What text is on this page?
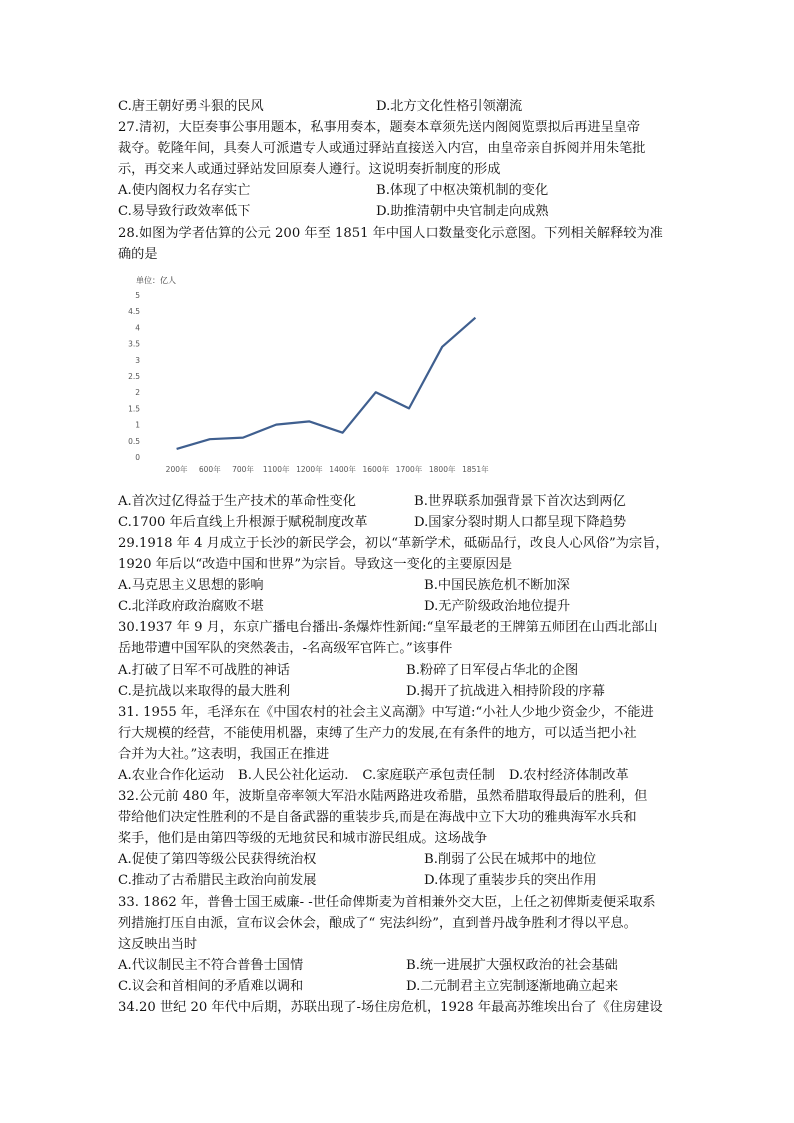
C.唐王朝好勇斗狠的民风	D.北方文化性格引领潮流
27.清初，大臣奏事公事用题本，私事用奏本，题奏本章须先送内阁阅览票拟后再进呈皇帝
裁夺。乾隆年间，具奏人可派遣专人或通过驿站直接送入内宫，由皇帝亲自拆阅并用朱笔批
示，再交来人或通过驿站发回原奏人遵行。这说明奏折制度的形成
A.使内阁权力名存实亡	B.体现了中枢决策机制的变化
C.易导致行政效率低下	D.助推清朝中央官制走向成熟
28.如图为学者估算的公元 200 年至 1851 年中国人口数量变化示意图。下列相关解释较为准
确的是
单位：亿人
0
0.5
1
1.5
2
2.5
3
3.5
4
4.5
5
200年 600年 700年 1100年 1200年 1400年 1600年 1700年 1800年 1851年
A.首次过亿得益于生产技术的革命性变化	B.世界联系加强背景下首次达到两亿
C.1700 年后直线上升根源于赋税制度改革	D.国家分裂时期人口都呈现下降趋势
29.1918 年 4 月成立于长沙的新民学会，初以“革新学术，砥砺品行，改良人心风俗”为宗旨，
1920 年后以“改造中国和世界”为宗旨。导致这一变化的主要原因是
A.马克思主义思想的影响	B.中国民族危机不断加深
C.北洋政府政治腐败不堪	D.无产阶级政治地位提升
30.1937 年 9 月，东京广播电台播出-条爆炸性新闻:“皇军最老的王牌第五师团在山西北部山
岳地带遭中国军队的突然袭击，-名高级军官阵亡。”该事件
A.打破了日军不可战胜的神话	B.粉碎了日军侵占华北的企图
C.是抗战以来取得的最大胜利	D.揭开了抗战进入相持阶段的序幕
31. 1955 年，毛泽东在《中国农村的社会主义高潮》中写道:“小社人少地少资金少，不能进
行大规模的经营，不能使用机器，束缚了生产力的发展,在有条件的地方，可以适当把小社
合并为大社。”这表明，我国正在推进
A.农业合作化运动 B.人民公社化运动. C.家庭联产承包责任制 D.农村经济体制改革
32.公元前 480 年，波斯皇帝率领大军沿水陆两路进攻希腊，虽然希腊取得最后的胜利，但
带给他们决定性胜利的不是自备武器的重装步兵,而是在海战中立下大功的雅典海军水兵和
桨手，他们是由第四等级的无地贫民和城市游民组成。这场战争
A.促使了第四等级公民获得统治权	B.削弱了公民在城邦中的地位
C.推动了古希腊民主政治向前发展	D.体现了重装步兵的突出作用
33. 1862 年，普鲁士国王威廉- -世任命俾斯麦为首相兼外交大臣，上任之初俾斯麦便采取系
列措施打压自由派，宣布议会休会，酿成了“ 宪法纠纷”，直到普丹战争胜利才得以平息。
这反映出当时
A.代议制民主不符合普鲁士国情	B.统一进展扩大强权政治的社会基础
C.议会和首相间的矛盾难以调和	D.二元制君主立宪制逐渐地确立起来
34.20 世纪 20 年代中后期，苏联出现了-场住房危机，1928 年最高苏维埃出台了《住房建设
